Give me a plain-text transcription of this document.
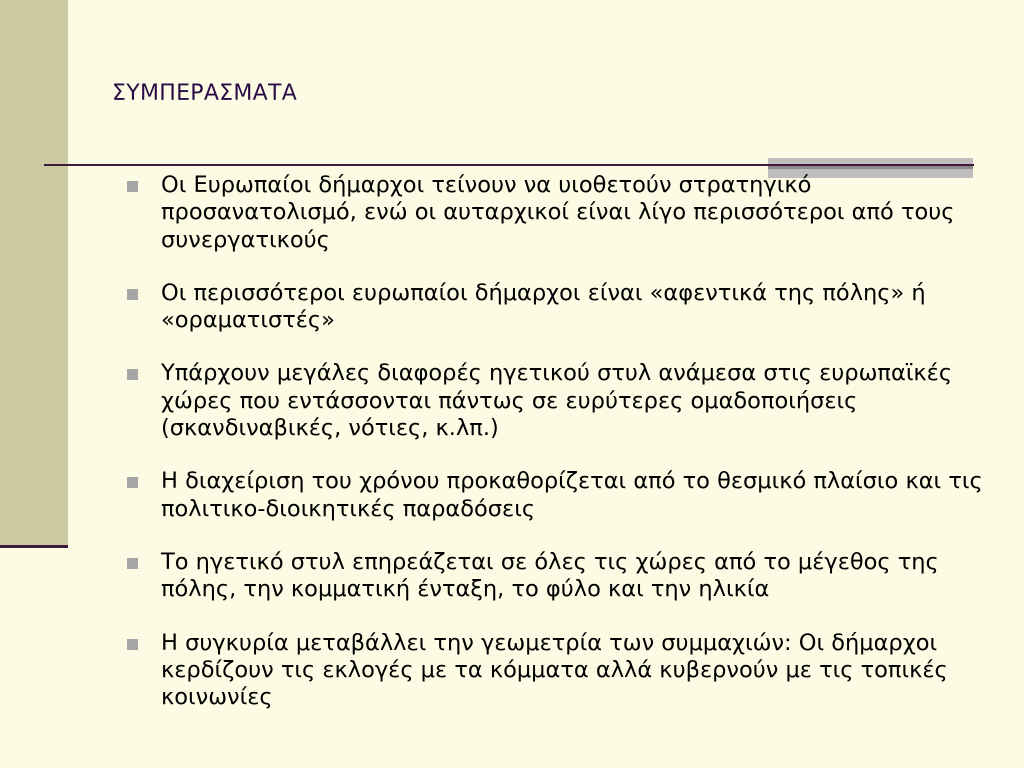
ΣΥΜΠΕΡΑΣΜΑΤΑ
Οι Ευρωπαίοι δήμαρχοι τείνουν να υιοθετούν στρατηγικό προσανατολισμό, ενώ οι αυταρχικοί είναι λίγο περισσότεροι από τους συνεργατικούς
Οι περισσότεροι ευρωπαίοι δήμαρχοι είναι «αφεντικά της πόλης» ή «οραματιστές»
Υπάρχουν μεγάλες διαφορές ηγετικού στυλ ανάμεσα στις ευρωπαϊκές χώρες που εντάσσονται πάντως σε ευρύτερες ομαδοποιήσεις (σκανδιναβικές, νότιες, κ.λπ.)
Η διαχείριση του χρόνου προκαθορίζεται από το θεσμικό πλαίσιο και τις πολιτικο-διοικητικές παραδόσεις
Το ηγετικό στυλ επηρεάζεται σε όλες τις χώρες από το μέγεθος της πόλης, την κομματική ένταξη, το φύλο και την ηλικία
Η συγκυρία μεταβάλλει την γεωμετρία των συμμαχιών: Οι δήμαρχοι κερδίζουν τις εκλογές με τα κόμματα αλλά κυβερνούν με τις τοπικές κοινωνίες
